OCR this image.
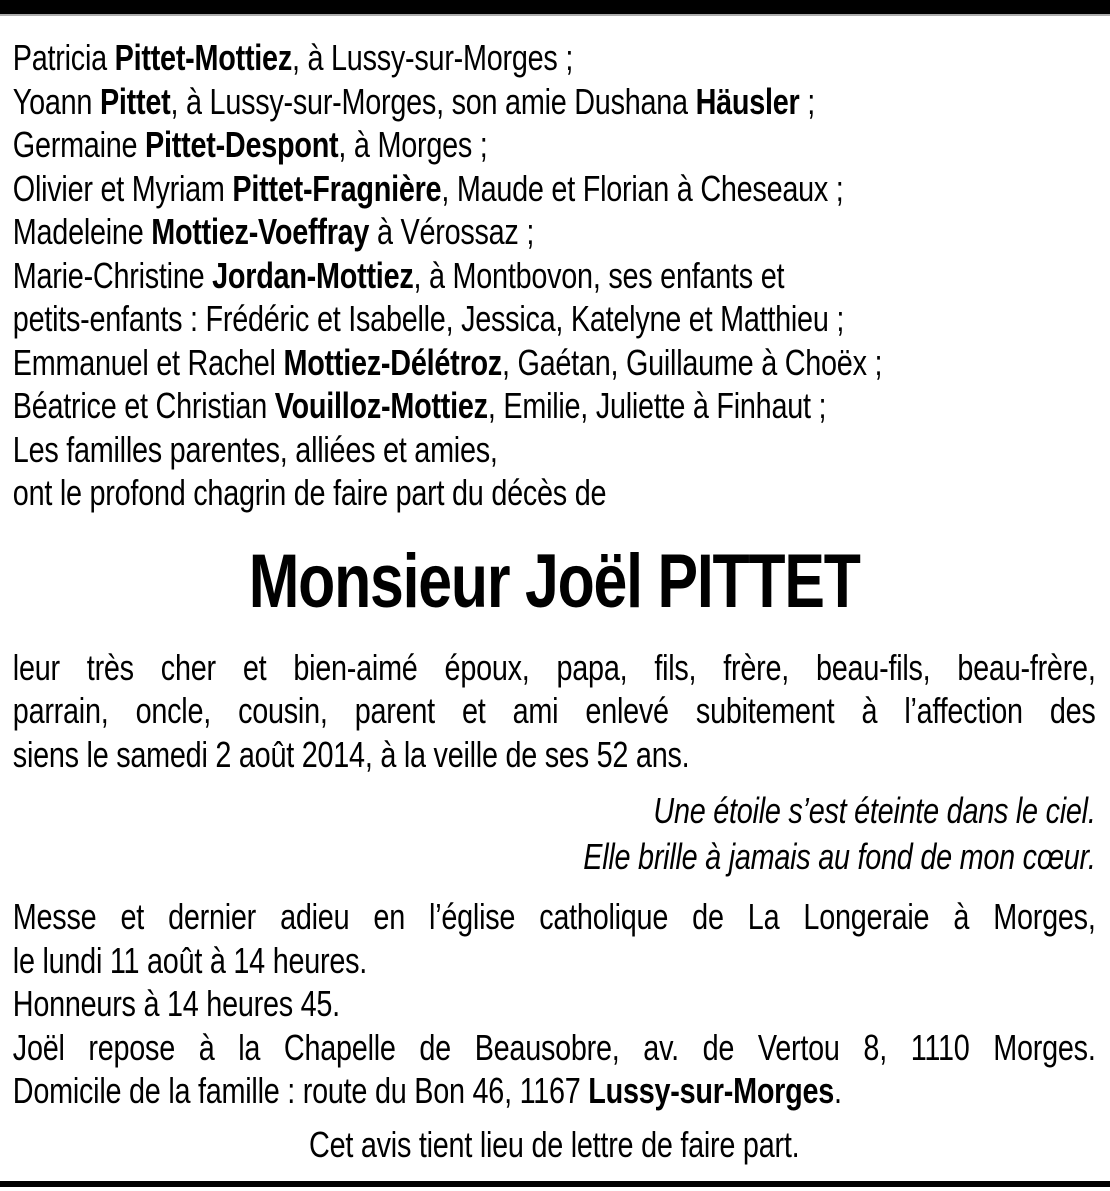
Patricia Pittet-Mottiez, à Lussy-sur-Morges ;
Yoann Pittet, à Lussy-sur-Morges, son amie Dushana Häusler ;
Germaine Pittet-Despont, à Morges ;
Olivier et Myriam Pittet-Fragnière, Maude et Florian à Cheseaux ;
Madeleine Mottiez-Voeffray à Vérossaz ;
Marie-Christine Jordan-Mottiez, à Montbovon, ses enfants et
petits-enfants : Frédéric et Isabelle, Jessica, Katelyne et Matthieu ;
Emmanuel et Rachel Mottiez-Délétroz, Gaétan, Guillaume à Choëx ;
Béatrice et Christian Vouilloz-Mottiez, Emilie, Juliette à Finhaut ;
Les familles parentes, alliées et amies,
ont le profond chagrin de faire part du décès de
Monsieur Joël PITTET
leur très cher et bien-aimé époux, papa, fils, frère, beau-fils, beau-frère,
parrain, oncle, cousin, parent et ami enlevé subitement à l’affection des
siens le samedi 2 août 2014, à la veille de ses 52 ans.
Une étoile s’est éteinte dans le ciel.
Elle brille à jamais au fond de mon cœur.
Messe et dernier adieu en l’église catholique de La Longeraie à Morges,
le lundi 11 août à 14 heures.
Honneurs à 14 heures 45.
Joël repose à la Chapelle de Beausobre, av. de Vertou 8, 1110 Morges.
Domicile de la famille : route du Bon 46, 1167 Lussy-sur-Morges.
Cet avis tient lieu de lettre de faire part.
